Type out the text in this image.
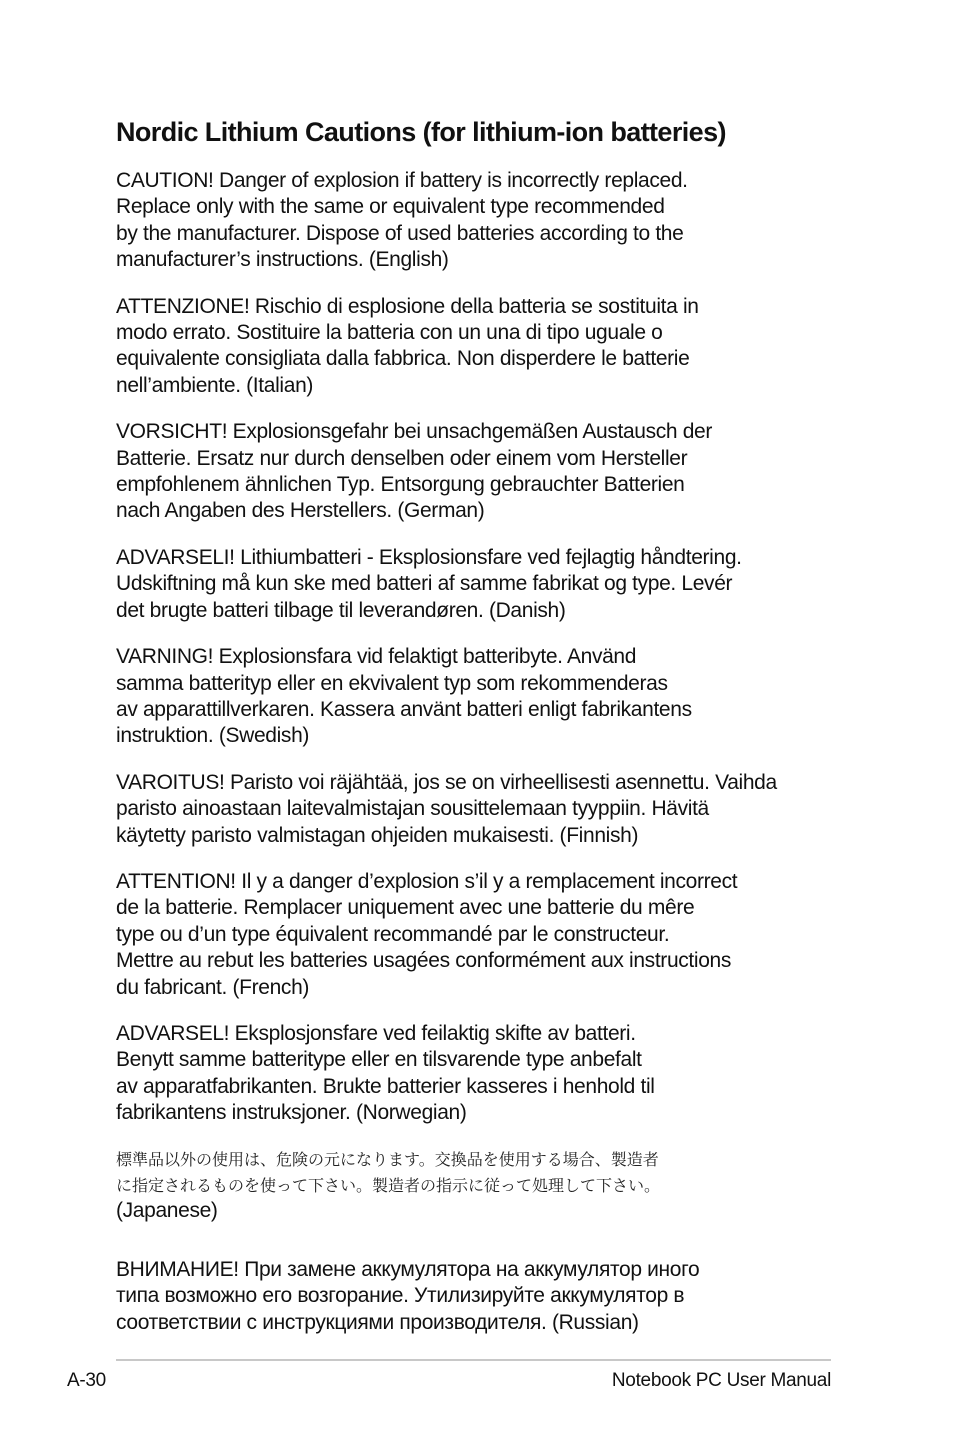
Nordic Lithium Cautions (for lithium-ion batteries)
CAUTION! Danger of explosion if battery is incorrectly replaced.
Replace only with the same or equivalent type recommended
by the manufacturer. Dispose of used batteries according to the
manufacturer’s instructions. (English)
ATTENZIONE! Rischio di esplosione della batteria se sostituita in
modo errato. Sostituire la batteria con un una di tipo uguale o
equivalente consigliata dalla fabbrica. Non disperdere le batterie
nell’ambiente. (Italian)
VORSICHT! Explosionsgefahr bei unsachgemäßen Austausch der
Batterie. Ersatz nur durch denselben oder einem vom Hersteller
empfohlenem ähnlichen Typ. Entsorgung gebrauchter Batterien
nach Angaben des Herstellers. (German)
ADVARSELI! Lithiumbatteri - Eksplosionsfare ved fejlagtig håndtering.
Udskiftning må kun ske med batteri af samme fabrikat og type. Levér
det brugte batteri tilbage til leverandøren. (Danish)
VARNING! Explosionsfara vid felaktigt batteribyte. Använd
samma batterityp eller en ekvivalent typ som rekommenderas
av apparattillverkaren. Kassera använt batteri enligt fabrikantens
instruktion. (Swedish)
VAROITUS! Paristo voi räjähtää, jos se on virheellisesti asennettu. Vaihda
paristo ainoastaan laitevalmistajan sousittelemaan tyyppiin. Hävitä
käytetty paristo valmistagan ohjeiden mukaisesti. (Finnish)
ATTENTION! Il y a danger d’explosion s’il y a remplacement incorrect
de la batterie. Remplacer uniquement avec une batterie du mêre
type ou d’un type équivalent recommandé par le constructeur.
Mettre au rebut les batteries usagées conformément aux instructions
du fabricant. (French)
ADVARSEL! Eksplosjonsfare ved feilaktig skifte av batteri.
Benytt samme batteritype eller en tilsvarende type anbefalt
av apparatfabrikanten. Brukte batterier kasseres i henhold til
fabrikantens instruksjoner. (Norwegian)
標準品以外の使用は、危険の元になります。交換品を使用する場合、製造者
に指定されるものを使って下さい。製造者の指示に従って処理して下さい。
(Japanese)
ВНИМАНИЕ! При замене аккумулятора на аккумулятор иного
типа возможно его возгорание. Утилизируйте аккумулятор в
соответствии с инструкциями производителя. (Russian)
A-30	Notebook PC User Manual
